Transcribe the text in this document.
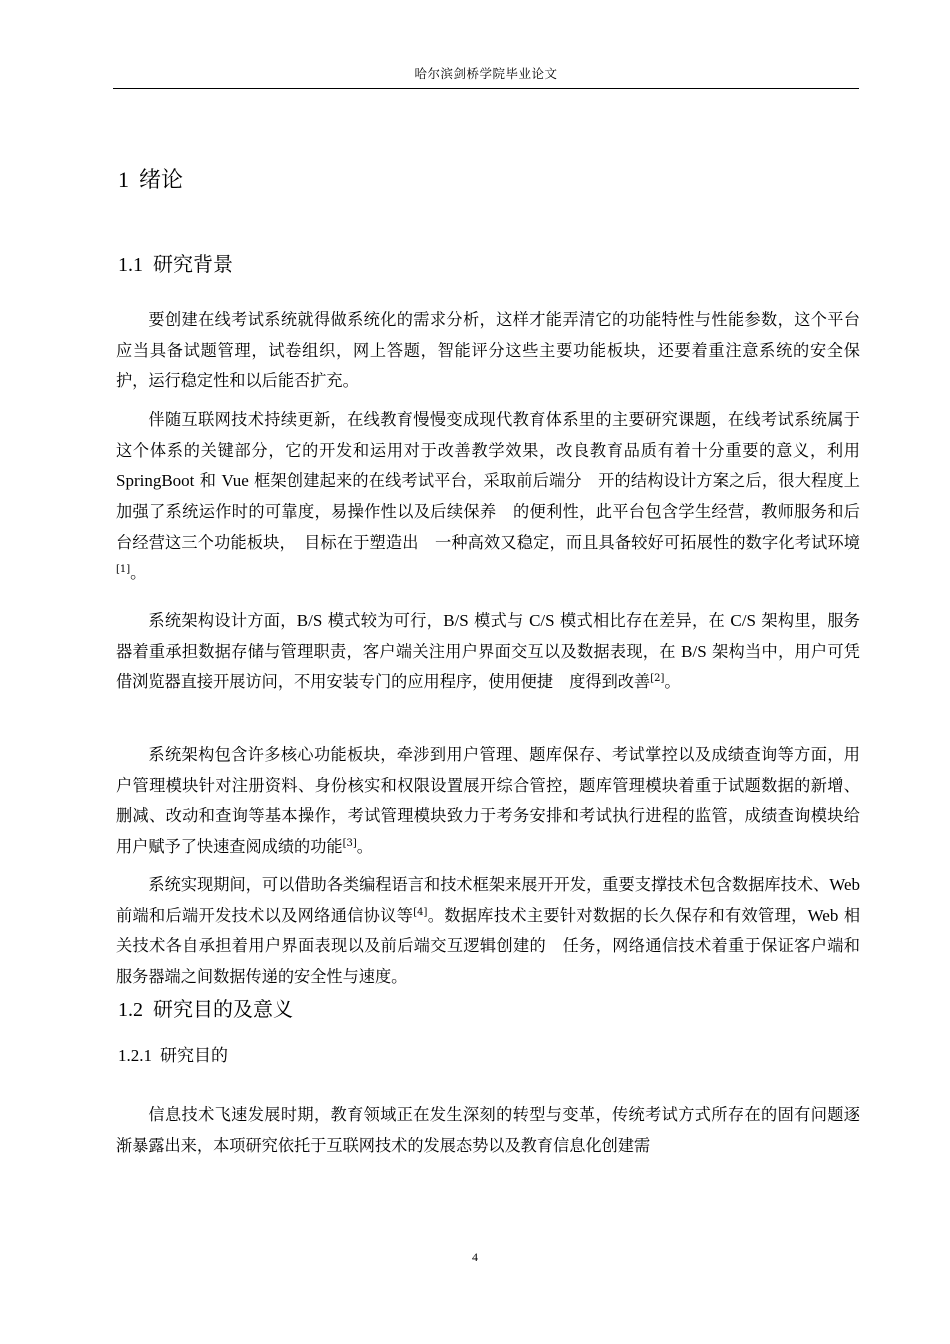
哈尔滨剑桥学院毕业论文
1 绪论
1.1 研究背景

要创建在线考试系统就得做系统化的需求分析，这样才能弄清它的功能特性与性能参数，这个平台应当具备试题管理，试卷组织，网上答题，智能评分这些主要功能板块，还要着重注意系统的安全保护，运行稳定性和以后能否扩充。

伴随互联网技术持续更新，在线教育慢慢变成现代教育体系里的主要研究课题，在线考试系统属于这个体系的关键部分，它的开发和运用对于改善教学效果，改良教育品质有着十分重要的意义，利用 SpringBoot 和 Vue 框架创建起来的在线考试平台，采取前后端分　开的结构设计方案之后，很大程度上加强了系统运作时的可靠度，易操作性以及后续保养　的便利性，此平台包含学生经营，教师服务和后台经营这三个功能板块，　目标在于塑造出　一种高效又稳定，而且具备较好可拓展性的数字化考试环境[1]。

系统架构设计方面，B/S 模式较为可行，B/S 模式与 C/S 模式相比存在差异，在 C/S 架构里，服务器着重承担数据存储与管理职责，客户端关注用户界面交互以及数据表现，在 B/S 架构当中，用户可凭借浏览器直接开展访问，不用安装专门的应用程序，使用便捷　度得到改善[2]。

系统架构包含许多核心功能板块，牵涉到用户管理、题库保存、考试掌控以及成绩查询等方面，用户管理模块针对注册资料、身份核实和权限设置展开综合管控，题库管理模块着重于试题数据的新增、删减、改动和查询等基本操作，考试管理模块致力于考务安排和考试执行进程的监管，成绩查询模块给用户赋予了快速查阅成绩的功能[3]。

系统实现期间，可以借助各类编程语言和技术框架来展开开发，重要支撑技术包含数据库技术、Web 前端和后端开发技术以及网络通信协议等[4]。数据库技术主要针对数据的长久保存和有效管理，Web 相关技术各自承担着用户界面表现以及前后端交互逻辑创建的　任务，网络通信技术着重于保证客户端和服务器端之间数据传递的安全性与速度。

1.2 研究目的及意义
1.2.1 研究目的

信息技术飞速发展时期，教育领域正在发生深刻的转型与变革，传统考试方式所存在的固有问题逐渐暴露出来，本项研究依托于互联网技术的发展态势以及教育信息化创建需

4
